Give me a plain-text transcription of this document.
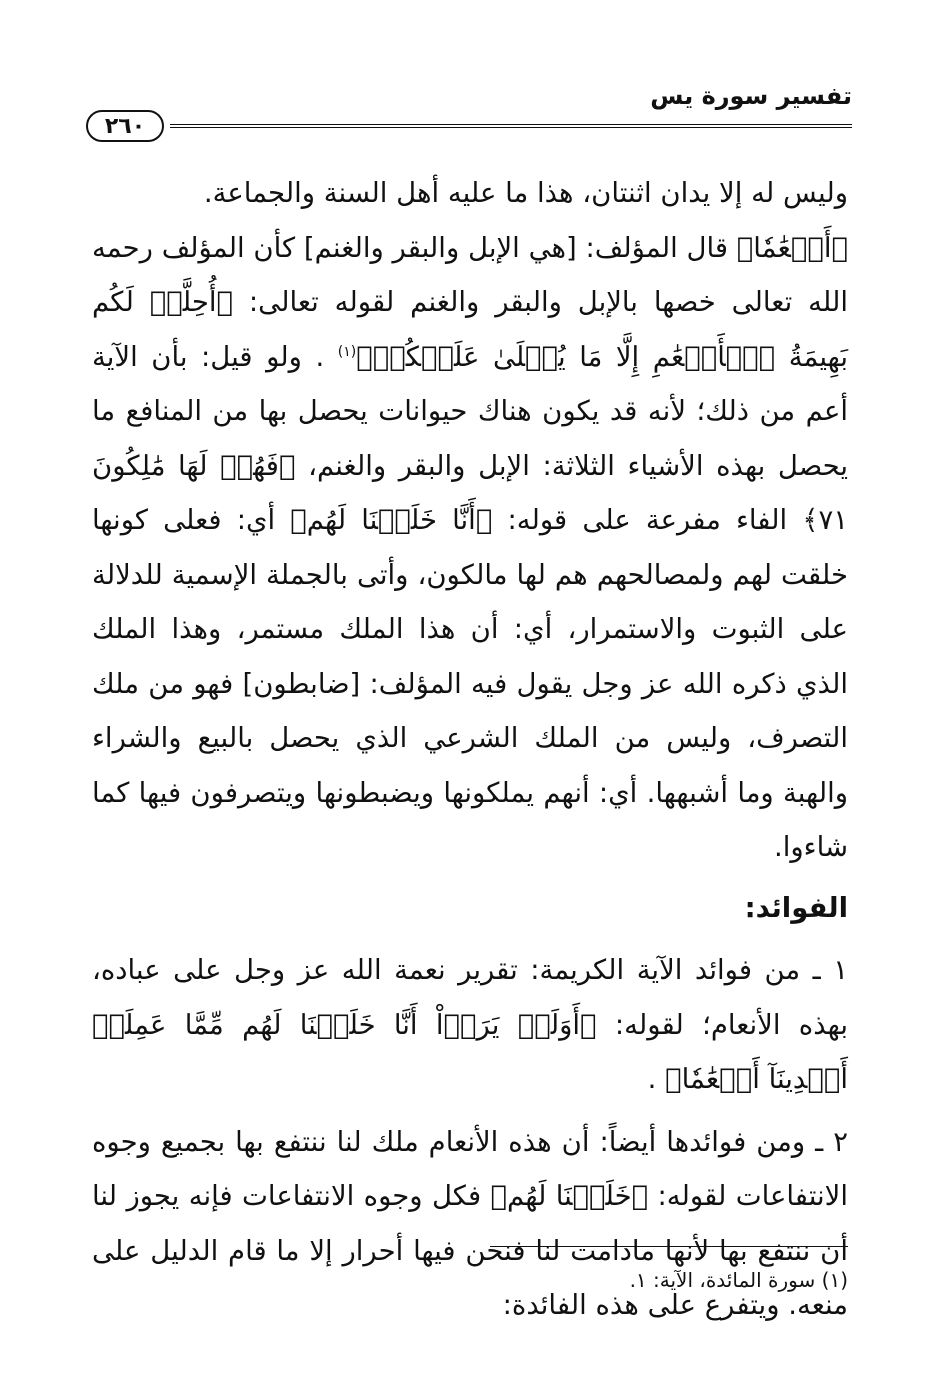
تفسير سورة يس
٢٦٠

وليس له إلا يدان اثنتان، هذا ما عليه أهل السنة والجماعة.

﴿أَنۡعَٰمٗا﴾ قال المؤلف: [هي الإبل والبقر والغنم] كأن المؤلف رحمه الله تعالى خصها بالإبل والبقر والغنم لقوله تعالى: ﴿أُحِلَّتۡ لَكُم بَهِيمَةُ ٱلۡأَنۡعَٰمِ إِلَّا مَا يُتۡلَىٰ عَلَيۡكُمۡ﴾$^{(١)}$ . ولو قيل: بأن الآية أعم من ذلك؛ لأنه قد يكون هناك حيوانات يحصل بها من المنافع ما يحصل بهذه الأشياء الثلاثة: الإبل والبقر والغنم، ﴿فَهُمۡ لَهَا مَٰلِكُونَ ٧١﴾ الفاء مفرعة على قوله: ﴿أَنَّا خَلَقۡنَا لَهُم﴾ أي: فعلى كونها خلقت لهم ولمصالحهم هم لها مالكون، وأتى بالجملة الإسمية للدلالة على الثبوت والاستمرار، أي: أن هذا الملك مستمر، وهذا الملك الذي ذكره الله عز وجل يقول فيه المؤلف: [ضابطون] فهو من ملك التصرف، وليس من الملك الشرعي الذي يحصل بالبيع والشراء والهبة وما أشبهها. أي: أنهم يملكونها ويضبطونها ويتصرفون فيها كما شاءوا.

الفوائد:

١ ـ من فوائد الآية الكريمة: تقرير نعمة الله عز وجل على عباده، بهذه الأنعام؛ لقوله: ﴿أَوَلَمۡ يَرَوۡاْ أَنَّا خَلَقۡنَا لَهُم مِّمَّا عَمِلَتۡ أَيۡدِينَآ أَنۡعَٰمٗا﴾ .

٢ ـ ومن فوائدها أيضاً: أن هذه الأنعام ملك لنا ننتفع بها بجميع وجوه الانتفاعات لقوله: ﴿خَلَقۡنَا لَهُم﴾ فكل وجوه الانتفاعات فإنه يجوز لنا أن ننتفع بها لأنها مادامت لنا فنحن فيها أحرار إلا ما قام الدليل على منعه. ويتفرع على هذه الفائدة:

(١) سورة المائدة، الآية: ١.
